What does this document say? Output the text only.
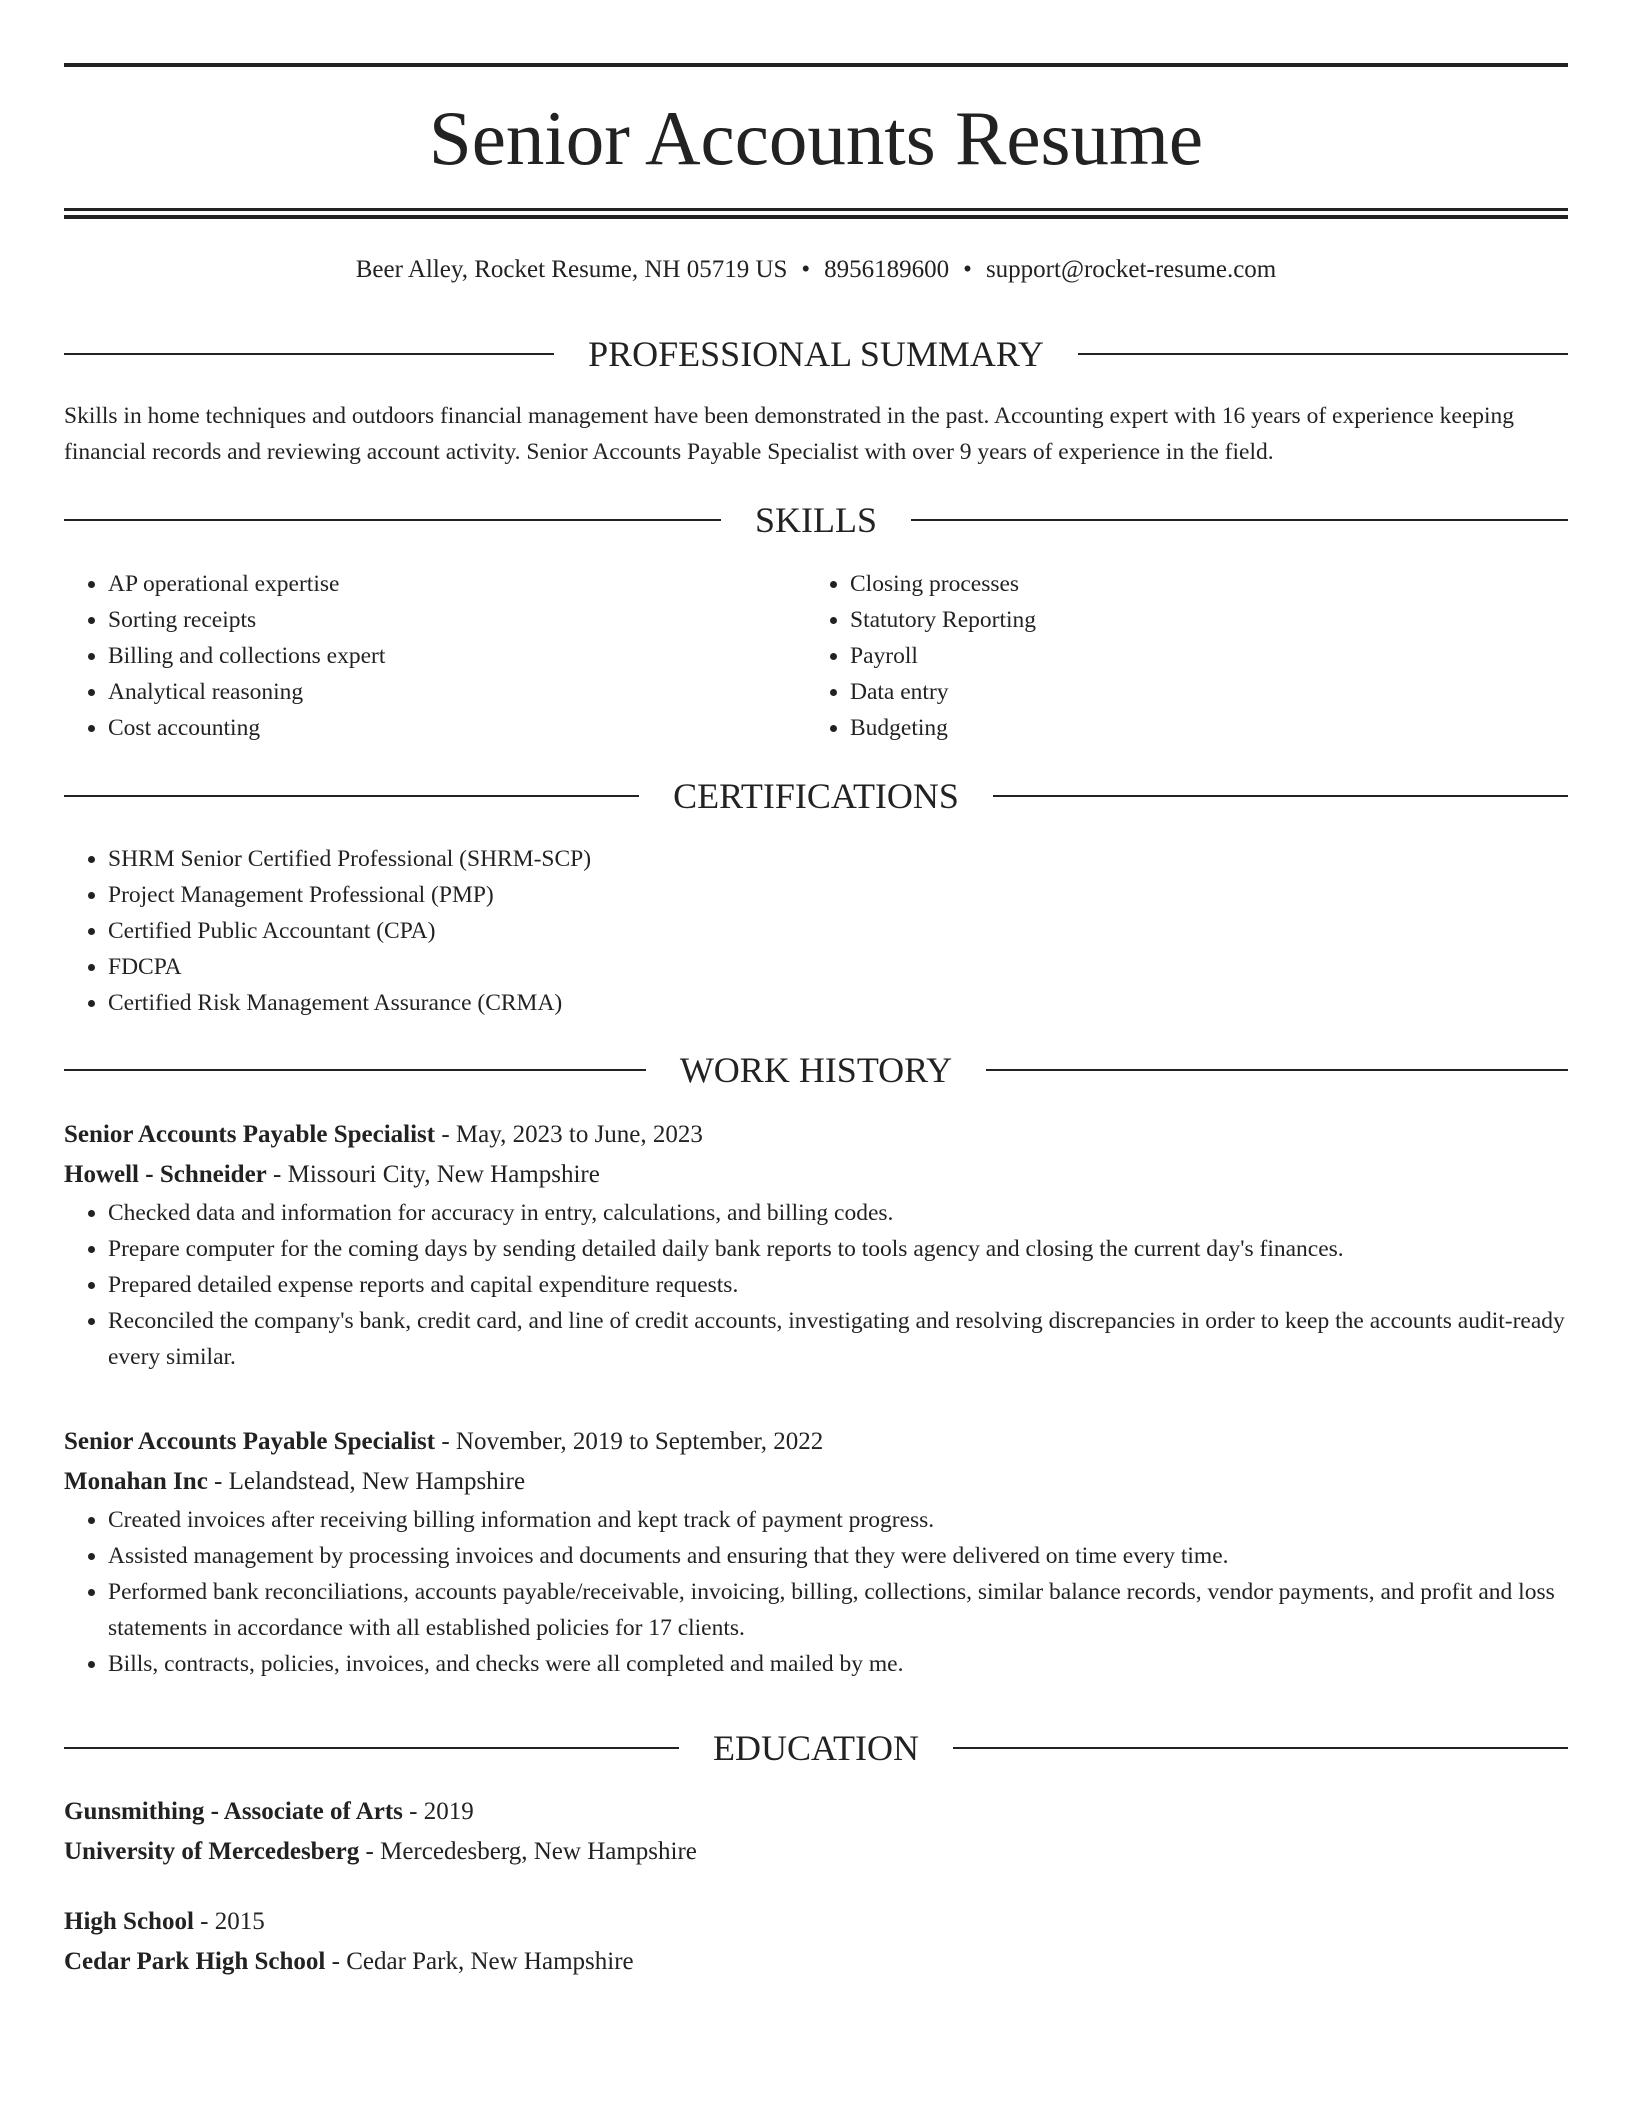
Senior Accounts Resume
Beer Alley, Rocket Resume, NH 05719 US • 8956189600 • support@rocket-resume.com
PROFESSIONAL SUMMARY

Skills in home techniques and outdoors financial management have been demonstrated in the past. Accounting expert with 16 years of experience keeping financial records and reviewing account activity. Senior Accounts Payable Specialist with over 9 years of experience in the field.

SKILLS
• AP operational expertise
• Sorting receipts
• Billing and collections expert
• Analytical reasoning
• Cost accounting
• Closing processes
• Statutory Reporting
• Payroll
• Data entry
• Budgeting
CERTIFICATIONS
• SHRM Senior Certified Professional (SHRM-SCP)
• Project Management Professional (PMP)
• Certified Public Accountant (CPA)
• FDCPA
• Certified Risk Management Assurance (CRMA)
WORK HISTORY

Senior Accounts Payable Specialist - May, 2023 to June, 2023

Howell - Schneider - Missouri City, New Hampshire

• Checked data and information for accuracy in entry, calculations, and billing codes.
• Prepare computer for the coming days by sending detailed daily bank reports to tools agency and closing the current day's finances.
• Prepared detailed expense reports and capital expenditure requests.
• Reconciled the company's bank, credit card, and line of credit accounts, investigating and resolving discrepancies in order to keep the accounts audit-ready every similar.

Senior Accounts Payable Specialist - November, 2019 to September, 2022

Monahan Inc - Lelandstead, New Hampshire

• Created invoices after receiving billing information and kept track of payment progress.
• Assisted management by processing invoices and documents and ensuring that they were delivered on time every time.
• Performed bank reconciliations, accounts payable/receivable, invoicing, billing, collections, similar balance records, vendor payments, and profit and loss statements in accordance with all established policies for 17 clients.
• Bills, contracts, policies, invoices, and checks were all completed and mailed by me.
EDUCATION

Gunsmithing - Associate of Arts - 2019

University of Mercedesberg - Mercedesberg, New Hampshire

High School - 2015

Cedar Park High School - Cedar Park, New Hampshire
